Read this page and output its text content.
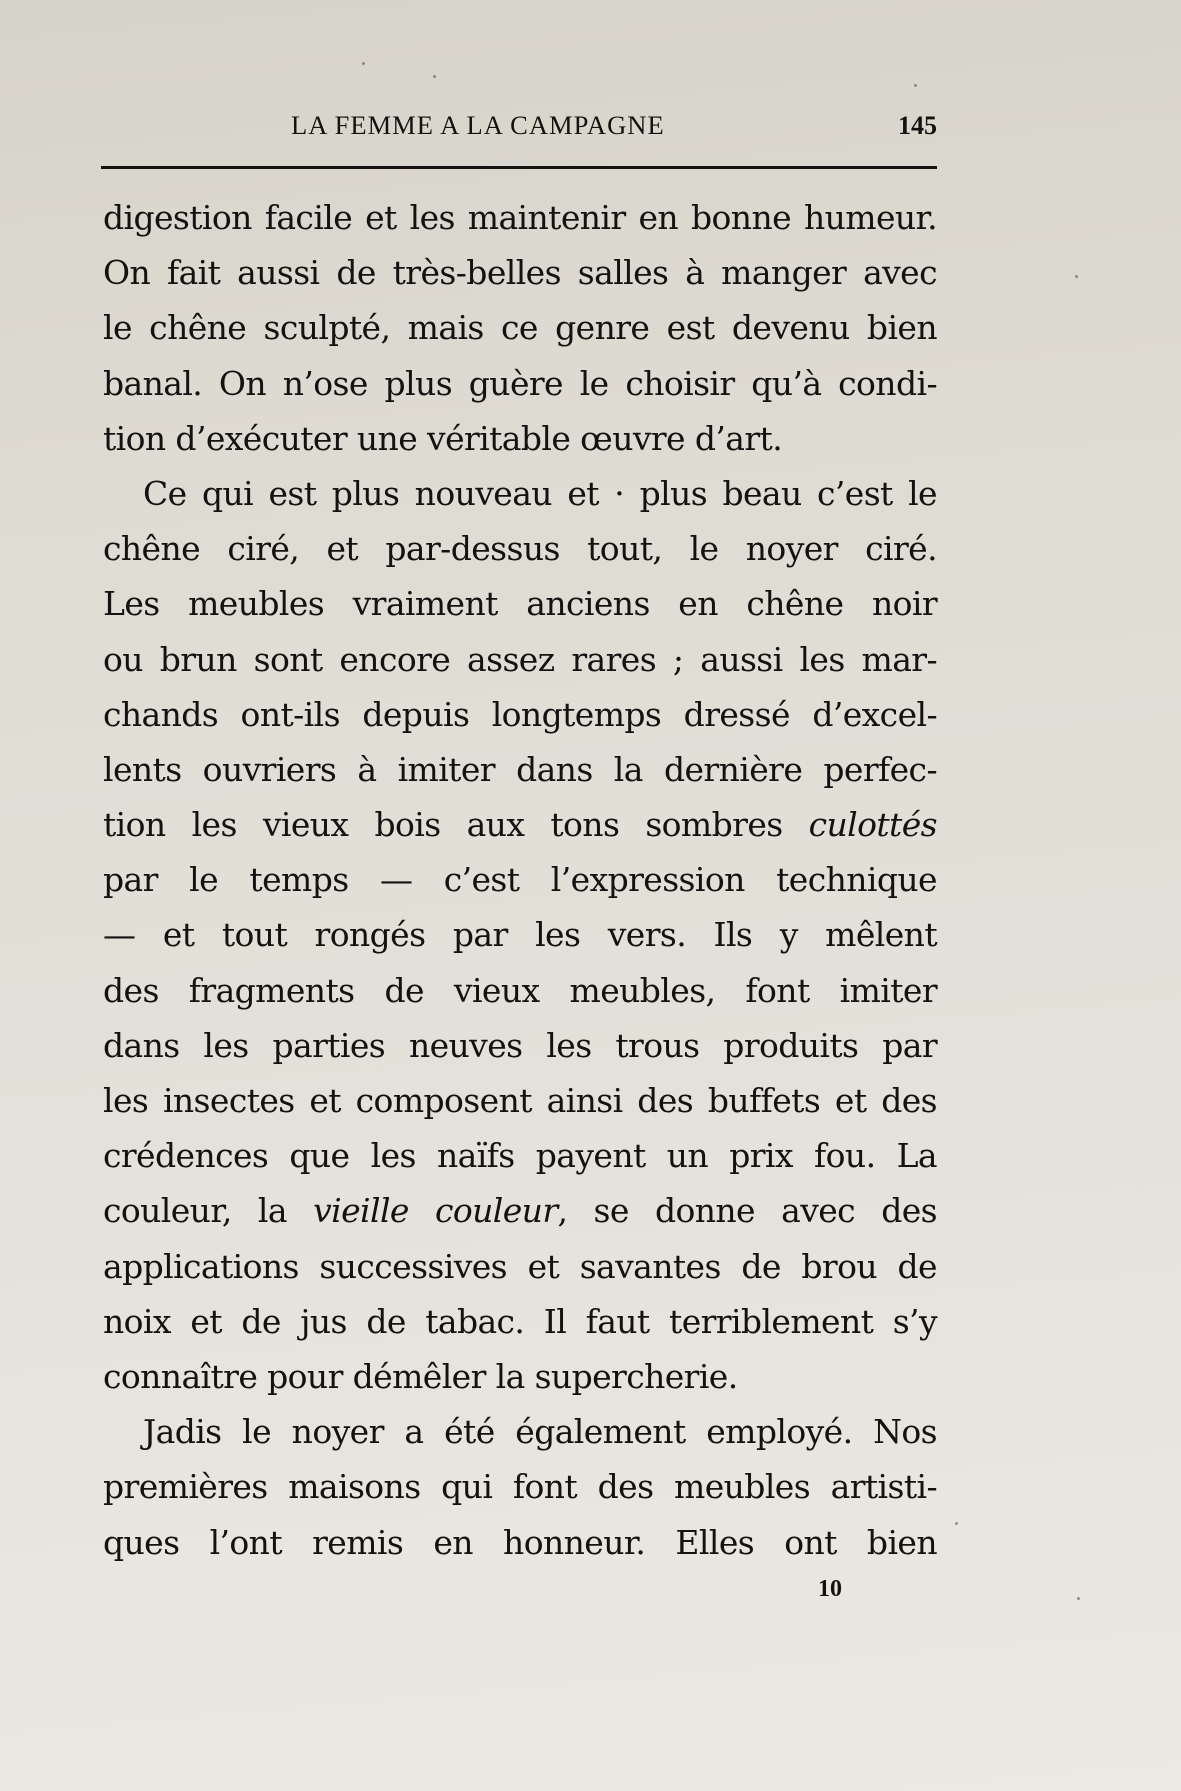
LA FEMME A LA CAMPAGNE	145
digestion facile et les maintenir en bonne humeur.
On fait aussi de très-belles salles à manger avec
le chêne sculpté, mais ce genre est devenu bien
banal. On n’ose plus guère le choisir qu’à condi-
tion d’exécuter une véritable œuvre d’art.
Ce qui est plus nouveau et · plus beau c’est le
chêne ciré, et par-dessus tout, le noyer ciré.
Les meubles vraiment anciens en chêne noir
ou brun sont encore assez rares ; aussi les mar-
chands ont-ils depuis longtemps dressé d’excel-
lents ouvriers à imiter dans la dernière perfec-
tion les vieux bois aux tons sombres culottés
par le temps — c’est l’expression technique
— et tout rongés par les vers. Ils y mêlent
des fragments de vieux meubles, font imiter
dans les parties neuves les trous produits par
les insectes et composent ainsi des buffets et des
crédences que les naïfs payent un prix fou. La
couleur, la vieille couleur, se donne avec des
applications successives et savantes de brou de
noix et de jus de tabac. Il faut terriblement s’y
connaître pour démêler la supercherie.
Jadis le noyer a été également employé. Nos
premières maisons qui font des meubles artisti-
ques l’ont remis en honneur. Elles ont bien
10
